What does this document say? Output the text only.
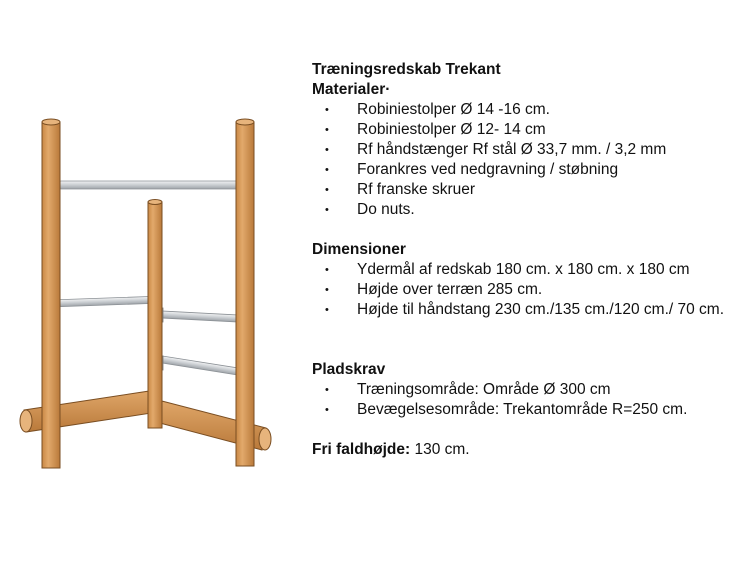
Træningsredskab Trekant
Materialer·
• Robiniestolper Ø 14 -16 cm.
• Robiniestolper Ø 12- 14 cm
• Rf håndstænger Rf stål Ø 33,7 mm. / 3,2 mm
• Forankres ved nedgravning / støbning
• Rf franske skruer
• Do nuts.
Dimensioner
• Ydermål af redskab 180 cm. x 180 cm. x 180 cm
• Højde over terræn 285 cm.
• Højde til håndstang 230 cm./135 cm./120 cm./ 70 cm.
Pladskrav
• Træningsområde: Område Ø 300 cm
• Bevægelsesområde: Trekantområde R=250 cm.
Fri faldhøjde: 130 cm.
